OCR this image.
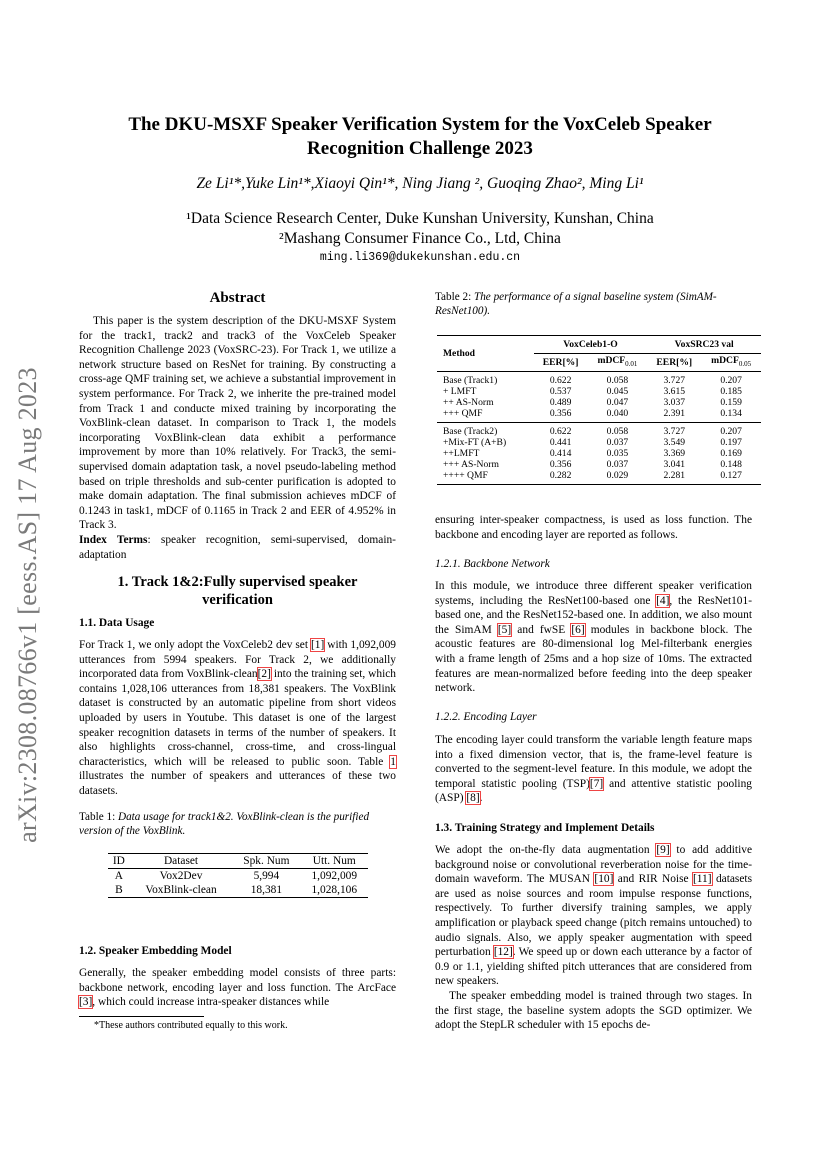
arXiv:2308.08766v1 [eess.AS] 17 Aug 2023
The DKU-MSXF Speaker Verification System for the VoxCeleb Speaker
Recognition Challenge 2023
Ze Li¹*,Yuke Lin¹*,Xiaoyi Qin¹*, Ning Jiang ², Guoqing Zhao², Ming Li¹
¹Data Science Research Center, Duke Kunshan University, Kunshan, China
²Mashang Consumer Finance Co., Ltd, China
ming.li369@dukekunshan.edu.cn
Abstract

This paper is the system description of the DKU-MSXF System for the track1, track2 and track3 of the VoxCeleb Speaker Recognition Challenge 2023 (VoxSRC-23). For Track 1, we utilize a network structure based on ResNet for training. By constructing a cross-age QMF training set, we achieve a substantial improvement in system performance. For Track 2, we inherite the pre-trained model from Track 1 and conducte mixed training by incorporating the VoxBlink-clean dataset. In comparison to Track 1, the models incorporating VoxBlink-clean data exhibit a performance improvement by more than 10% relatively. For Track3, the semi-supervised domain adaptation task, a novel pseudo-labeling method based on triple thresholds and sub-center purification is adopted to make domain adaptation. The final submission achieves mDCF of 0.1243 in task1, mDCF of 0.1165 in Track 2 and EER of 4.952% in Track 3.

Index Terms: speaker recognition, semi-supervised, domain-adaptation

1. Track 1&2:Fully supervised speaker verification
1.1. Data Usage

For Track 1, we only adopt the VoxCeleb2 dev set [1] with 1,092,009 utterances from 5994 speakers. For Track 2, we additionally incorporated data from VoxBlink-clean[2] into the training set, which contains 1,028,106 utterances from 18,381 speakers. The VoxBlink dataset is constructed by an automatic pipeline from short videos uploaded by users in Youtube. This dataset is one of the largest speaker recognition datasets in terms of the number of speakers. It also highlights cross-channel, cross-time, and cross-lingual characteristics, which will be released to public soon. Table 1 illustrates the number of speakers and utterances of these two datasets.

Table 1: Data usage for track1&2. VoxBlink-clean is the purified version of the VoxBlink.
ID	Dataset	Spk. Num	Utt. Num
A	Vox2Dev	5,994	1,092,009
B	VoxBlink-clean	18,381	1,028,106
1.2. Speaker Embedding Model

Generally, the speaker embedding model consists of three parts: backbone network, encoding layer and loss function. The ArcFace [3], which could increase intra-speaker distances while

*These authors contributed equally to this work.
Table 2: The performance of a signal baseline system (SimAM-ResNet100).
Method	VoxCeleb1-O		VoxSRC23 val	
	EER[%]	mDCF$_{0.01}$	EER[%]	mDCF$_{0.05}$
Base (Track1)	0.622	0.058	3.727	0.207
+ LMFT	0.537	0.045	3.615	0.185
++ AS-Norm	0.489	0.047	3.037	0.159
+++ QMF	0.356	0.040	2.391	0.134
Base (Track2)	0.622	0.058	3.727	0.207
+Mix-FT (A+B)	0.441	0.037	3.549	0.197
++LMFT	0.414	0.035	3.369	0.169
+++ AS-Norm	0.356	0.037	3.041	0.148
++++ QMF	0.282	0.029	2.281	0.127
ensuring inter-speaker compactness, is used as loss function. The backbone and encoding layer are reported as follows.
1.2.1. Backbone Network

In this module, we introduce three different speaker verification systems, including the ResNet100-based one [4], the ResNet101-based one, and the ResNet152-based one. In addition, we also mount the SimAM [5] and fwSE [6] modules in backbone block. The acoustic features are 80-dimensional log Mel-filterbank energies with a frame length of 25ms and a hop size of 10ms. The extracted features are mean-normalized before feeding into the deep speaker network.

1.2.2. Encoding Layer

The encoding layer could transform the variable length feature maps into a fixed dimension vector, that is, the frame-level feature is converted to the segment-level feature. In this module, we adopt the temporal statistic pooling (TSP)[7] and attentive statistic pooling (ASP) [8].

1.3. Training Strategy and Implement Details

We adopt the on-the-fly data augmentation [9] to add additive background noise or convolutional reverberation noise for the time-domain waveform. The MUSAN [10] and RIR Noise [11] datasets are used as noise sources and room impulse response functions, respectively. To further diversify training samples, we apply amplification or playback speed change (pitch remains untouched) to audio signals. Also, we apply speaker augmentation with speed perturbation [12]. We speed up or down each utterance by a factor of 0.9 or 1.1, yielding shifted pitch utterances that are considered from new speakers.

The speaker embedding model is trained through two stages. In the first stage, the baseline system adopts the SGD optimizer. We adopt the StepLR scheduler with 15 epochs de-
